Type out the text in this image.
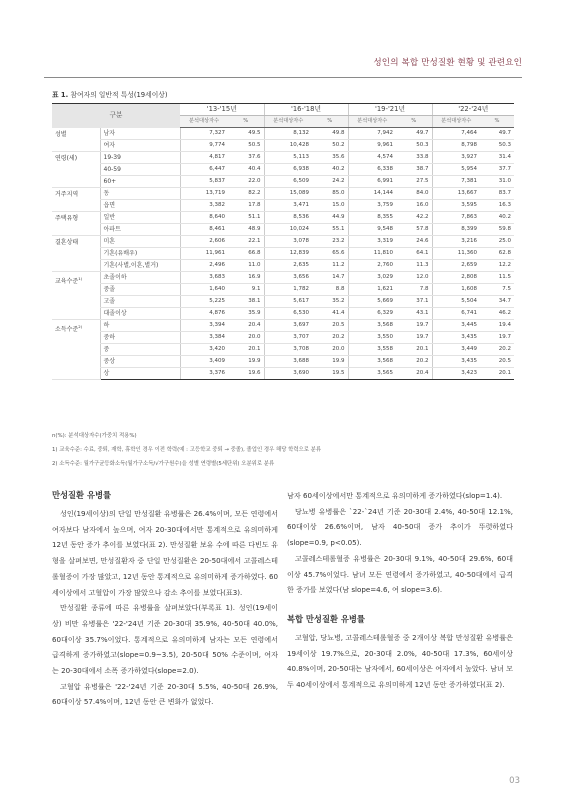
성인의 복합 만성질환 현황 및 관련요인
표 1. 참여자의 일반적 특성(19세이상)
구분		'13-'15년		'16-'18년		'19-'21년		'22-'24년	
		분석대상자수	%	분석대상자수	%	분석대상자수	%	분석대상자수	%
성별	남자	7,327	49.5	8,132	49.8	7,942	49.7	7,464	49.7
	여자	9,774	50.5	10,428	50.2	9,961	50.3	8,798	50.3
연령(세)	19-39	4,817	37.6	5,113	35.6	4,574	33.8	3,927	31.4
	40-59	6,447	40.4	6,938	40.2	6,338	38.7	5,954	37.7
	60+	5,837	22.0	6,509	24.2	6,991	27.5	7,381	31.0
거주지역	동	13,719	82.2	15,089	85.0	14,144	84.0	13,667	83.7
	읍면	3,382	17.8	3,471	15.0	3,759	16.0	3,595	16.3
주택유형	일반	8,640	51.1	8,536	44.9	8,355	42.2	7,863	40.2
	아파트	8,461	48.9	10,024	55.1	9,548	57.8	8,399	59.8
결혼상태	미혼	2,606	22.1	3,078	23.2	3,319	24.6	3,216	25.0
	기혼(유배우)	11,961	66.8	12,839	65.6	11,810	64.1	11,360	62.8
	기혼(사별,이혼,별거)	2,496	11.0	2,635	11.2	2,760	11.3	2,659	12.2
교육수준$^{1)}$	초졸이하	3,683	16.9	3,656	14.7	3,029	12.0	2,808	11.5
	중졸	1,640	9.1	1,782	8.8	1,621	7.8	1,608	7.5
	고졸	5,225	38.1	5,617	35.2	5,669	37.1	5,504	34.7
	대졸이상	4,876	35.9	6,530	41.4	6,329	43.1	6,741	46.2
소득수준$^{2)}$	하	3,394	20.4	3,697	20.5	3,568	19.7	3,445	19.4
	중하	3,384	20.0	3,707	20.2	3,550	19.7	3,435	19.7
	중	3,420	20.1	3,708	20.0	3,558	20.1	3,449	20.2
	중상	3,409	19.9	3,688	19.9	3,568	20.2	3,435	20.5
	상	3,376	19.6	3,690	19.5	3,565	20.4	3,423	20.1
n(%): 분석대상자수(가중치 적용%)
1) 교육수준: 수료, 중퇴, 재학, 휴학인 경우 이전 학력(예 : 고등학교 중퇴 → 중졸), 졸업인 경우 해당 학력으로 분류
2) 소득수준: 월가구균등화소득(월가구소득/√가구원수)을 성별 연령별(5세단위) 오분위로 분류
만성질환 유병률

성인(19세이상)의 단일 만성질환 유병률은 26.4%이며, 모든 연령에서 여자보다 남자에서 높으며, 여자 20-30대에서만 통계적으로 유의미하게 12년 동안 증가 추이를 보였다(표 2). 만성질환 보유 수에 따른 다빈도 유형을 살펴보면, 만성질환자 중 단일 만성질환은 20-50대에서 고콜레스테롤혈증이 가장 많았고, 12년 동안 통계적으로 유의미하게 증가하였다. 60세이상에서 고혈압이 가장 많았으나 감소 추이를 보였다(표3).

만성질환 종류에 따른 유병률을 살펴보았다(부록표 1). 성인(19세이상) 비만 유병률은 '22-'24년 기준 20-30대 35.9%, 40-50대 40.0%, 60대이상 35.7%이었다. 통계적으로 유의미하게 남자는 모든 연령에서 급격하게 증가하였고(slope=0.9~3.5), 20-50대 50% 수준이며, 여자는 20-30대에서 소폭 증가하였다(slope=2.0).

고혈압 유병률은 '22-'24년 기준 20-30대 5.5%, 40-50대 26.9%, 60대이상 57.4%이며, 12년 동안 큰 변화가 없었다.

남자 60세이상에서만 통계적으로 유의미하게 증가하였다(slop=1.4).

당뇨병 유병률은 `22-`24년 기준 20-30대 2.4%, 40-50대 12.1%, 60대이상 26.6%이며, 남자 40-50대 증가 추이가 뚜렷하였다(slope=0.9, p<0.05).

고콜레스테롤혈증 유병률은 20-30대 9.1%, 40-50대 29.6%, 60대이상 45.7%이었다. 남녀 모든 연령에서 증가하였고, 40-50대에서 급격한 증가를 보였다(남 slope=4.6, 여 slope=3.6).

복합 만성질환 유병률

고혈압, 당뇨병, 고콜레스테롤혈증 중 2개이상 복합 만성질환 유병률은 19세이상 19.7%으로, 20-30대 2.0%, 40-50대 17.3%, 60세이상 40.8%이며, 20-50대는 남자에서, 60세이상은 여자에서 높았다. 남녀 모두 40세이상에서 통계적으로 유의미하게 12년 동안 증가하였다(표 2).

03
